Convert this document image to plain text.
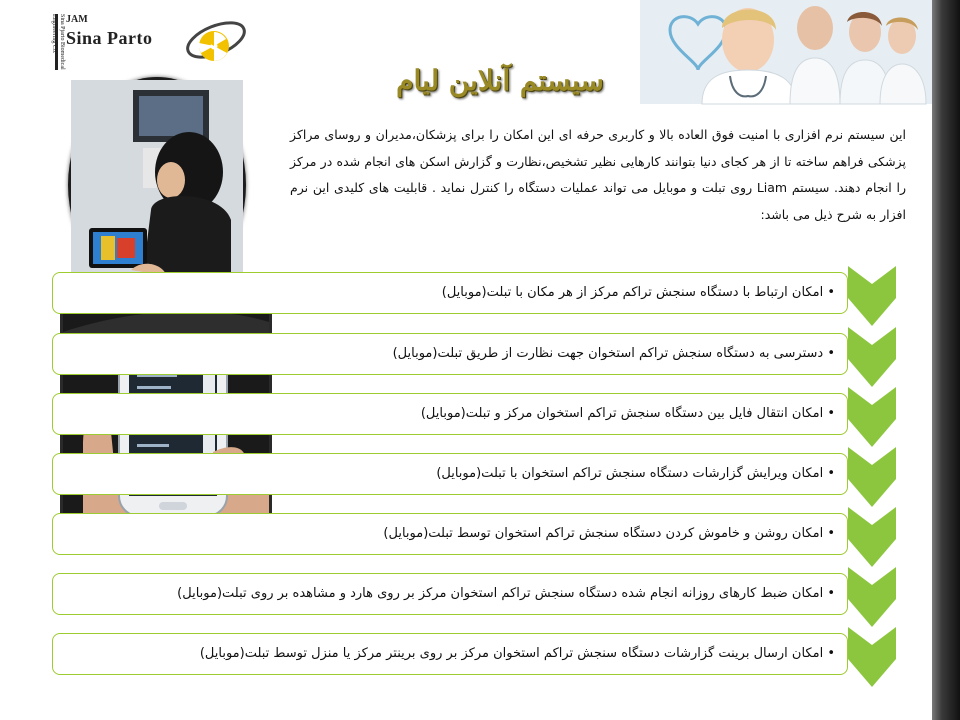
Sina Pjarto Biomedical Engineering Co. JAM
Sina Parto
سیستم آنلاین لیام
این سیستم نرم افزاری با امنیت فوق العاده بالا و کاربری حرفه ای این امکان را برای پزشکان،مدیران و روسای مراکز پزشکی فراهم ساخته تا از هر کجای دنیا بتوانند کارهایی نظیر تشخیص،نظارت و گزارش اسکن های انجام شده در مرکز را انجام دهند. سیستم Liam روی تبلت و موبایل می تواند عملیات دستگاه را کنترل نماید . قابلیت های کلیدی این نرم افزار به شرح ذیل می باشد:
• امکان ارتباط با دستگاه سنجش تراکم مرکز از هر مکان با تبلت(موبایل)
• دسترسی به دستگاه سنجش تراکم استخوان جهت نظارت از طریق تبلت(موبایل)
• امکان انتقال فایل بین دستگاه سنجش تراکم استخوان مرکز و تبلت(موبایل)
• امکان ویرایش گزارشات دستگاه سنجش تراکم استخوان با تبلت(موبایل)
• امکان روشن و خاموش کردن دستگاه سنجش تراکم استخوان توسط تبلت(موبایل)
• امکان ضبط کارهای روزانه انجام شده دستگاه سنجش تراکم استخوان مرکز بر روی هارد و مشاهده بر روی تبلت(موبایل)
• امکان ارسال برینت گزارشات دستگاه سنجش تراکم استخوان مرکز بر روی برینتر مرکز یا منزل توسط تبلت(موبایل)
